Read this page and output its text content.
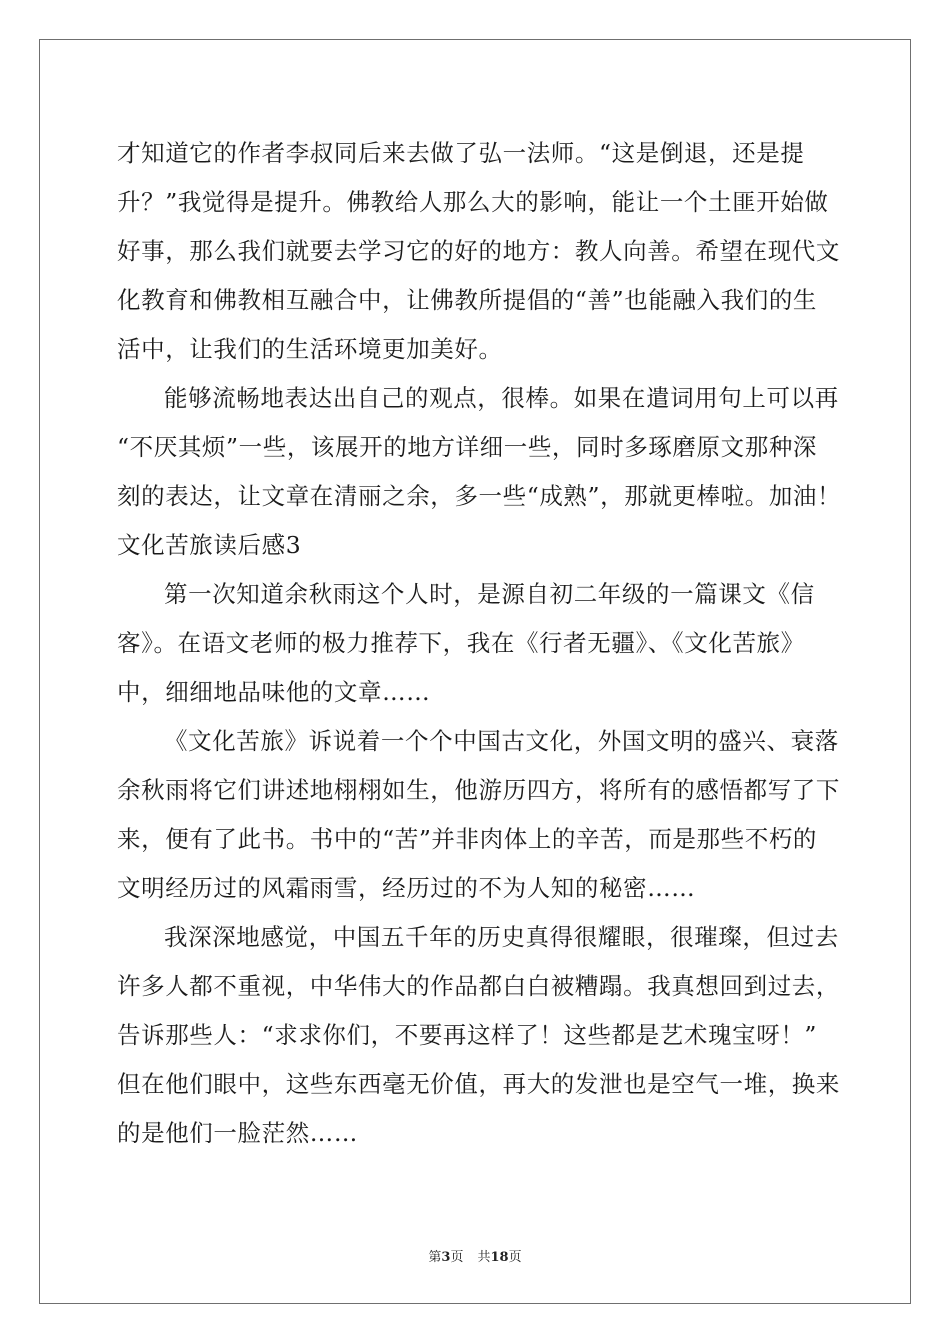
才知道它的作者李叔同后来去做了弘一法师。“这是倒退，还是提
升？”我觉得是提升。佛教给人那么大的影响，能让一个土匪开始做
好事，那么我们就要去学习它的好的地方：教人向善。希望在现代文
化教育和佛教相互融合中，让佛教所提倡的“善”也能融入我们的生
活中，让我们的生活环境更加美好。
能够流畅地表达出自己的观点，很棒。如果在遣词用句上可以再
“不厌其烦”一些，该展开的地方详细一些，同时多琢磨原文那种深
刻的表达，让文章在清丽之余，多一些“成熟”，那就更棒啦。加油！
文化苦旅读后感3
第一次知道余秋雨这个人时，是源自初二年级的一篇课文《信
客》。在语文老师的极力推荐下，我在《行者无疆》、《文化苦旅》
中，细细地品味他的文章……
《文化苦旅》诉说着一个个中国古文化，外国文明的盛兴、衰落
余秋雨将它们讲述地栩栩如生，他游历四方，将所有的感悟都写了下
来，便有了此书。书中的“苦”并非肉体上的辛苦，而是那些不朽的
文明经历过的风霜雨雪，经历过的不为人知的秘密……
我深深地感觉，中国五千年的历史真得很耀眼，很璀璨，但过去
许多人都不重视，中华伟大的作品都白白被糟蹋。我真想回到过去，
告诉那些人：“求求你们，不要再这样了！这些都是艺术瑰宝呀！”
但在他们眼中，这些东西毫无价值，再大的发泄也是空气一堆，换来
的是他们一脸茫然……
第3页 共18页
